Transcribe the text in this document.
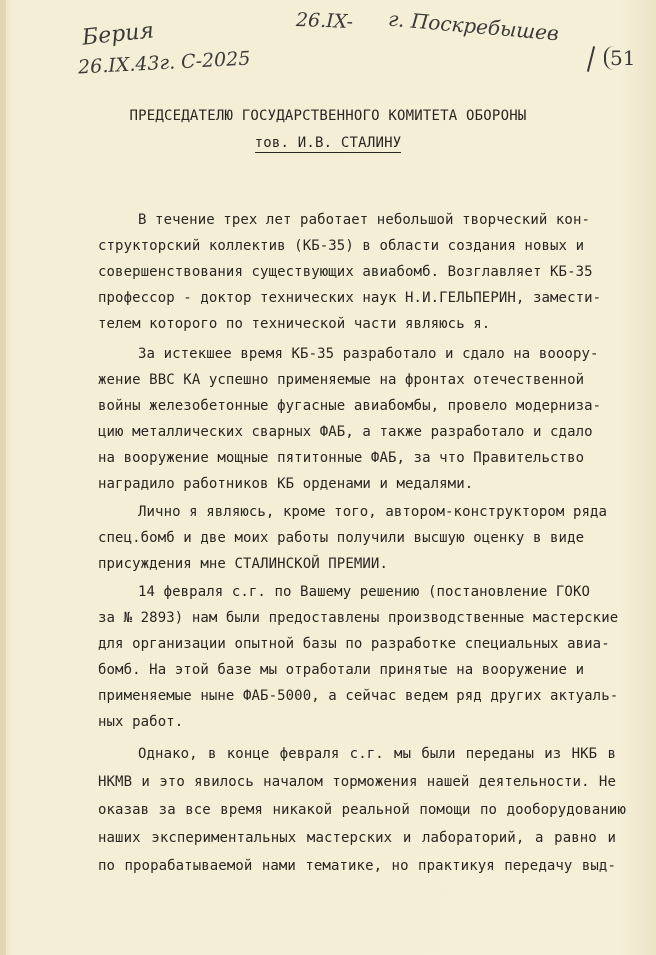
Берия
26.IX.43г. С-2025
26.IX- г. Поскребышев
51
ПРЕДСЕДАТЕЛЮ ГОСУДАРСТВЕННОГО КОМИТЕТА ОБОРОНЫ
тов. И.В. СТАЛИНУ
В течение трех лет работает небольшой творческий кон-
структорский коллектив (КБ-35) в области создания новых и
совершенствования существующих авиабомб. Возглавляет КБ-35
профессор - доктор технических наук Н.И.ГЕЛЬПЕРИН, замести-
телем которого по технической части являюсь я.
За истекшее время КБ-35 разработало и сдало на вооору-
жение ВВС КА успешно применяемые на фронтах отечественной
войны железобетонные фугасные авиабомбы, провело модерниза-
цию металлических сварных ФАБ, а также разработало и сдало
на вооружение мощные пятитонные ФАБ, за что Правительство
наградило работников КБ орденами и медалями.
Лично я являюсь, кроме того, автором-конструктором ряда
спец.бомб и две моих работы получили высшую оценку в виде
присуждения мне СТАЛИНСКОЙ ПРЕМИИ.
14 февраля с.г. по Вашему решению (постановление ГОКО
за № 2893) нам были предоставлены производственные мастерские
для организации опытной базы по разработке специальных авиа-
бомб. На этой базе мы отработали принятые на вооружение и
применяемые ныне ФАБ-5000, а сейчас ведем ряд других актуаль-
ных работ.
Однако, в конце февраля с.г. мы были переданы из НКБ в
НКМВ и это явилось началом торможения нашей деятельности. Не
оказав за все время никакой реальной помощи по дооборудованию
наших экспериментальных мастерских и лабораторий, а равно и
по прорабатываемой нами тематике, но практикуя передачу выд-
